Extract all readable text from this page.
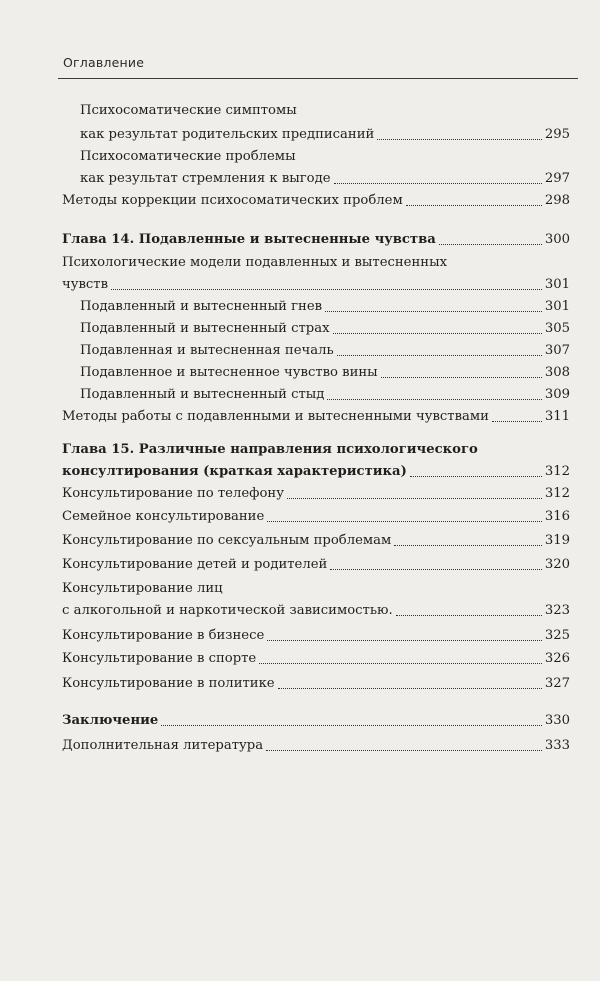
Оглавление
Психосоматические симптомы
как результат родительских предписаний	295
Психосоматические проблемы
как результат стремления к выгоде	297
Методы коррекции психосоматических проблем	298
Глава 14. Подавленные и вытесненные чувства	300
Психологические модели подавленных и вытесненных
чувств	301
Подавленный и вытесненный гнев	301
Подавленный и вытесненный страх	305
Подавленная и вытесненная печаль	307
Подавленное и вытесненное чувство вины	308
Подавленный и вытесненный стыд	309
Методы работы с подавленными и вытесненными чувствами	311
Глава 15. Различные направления психологического
консултирования (краткая характеристика)	312
Консультирование по телефону	312
Семейное консультирование	316
Консультирование по сексуальным проблемам	319
Консультирование детей и родителей	320
Консультирование лиц
с алкогольной и наркотической зависимостью.	323
Консультирование в бизнесе	325
Консультирование в спорте	326
Консультирование в политике	327
Заключение	330
Дополнительная литература	333
